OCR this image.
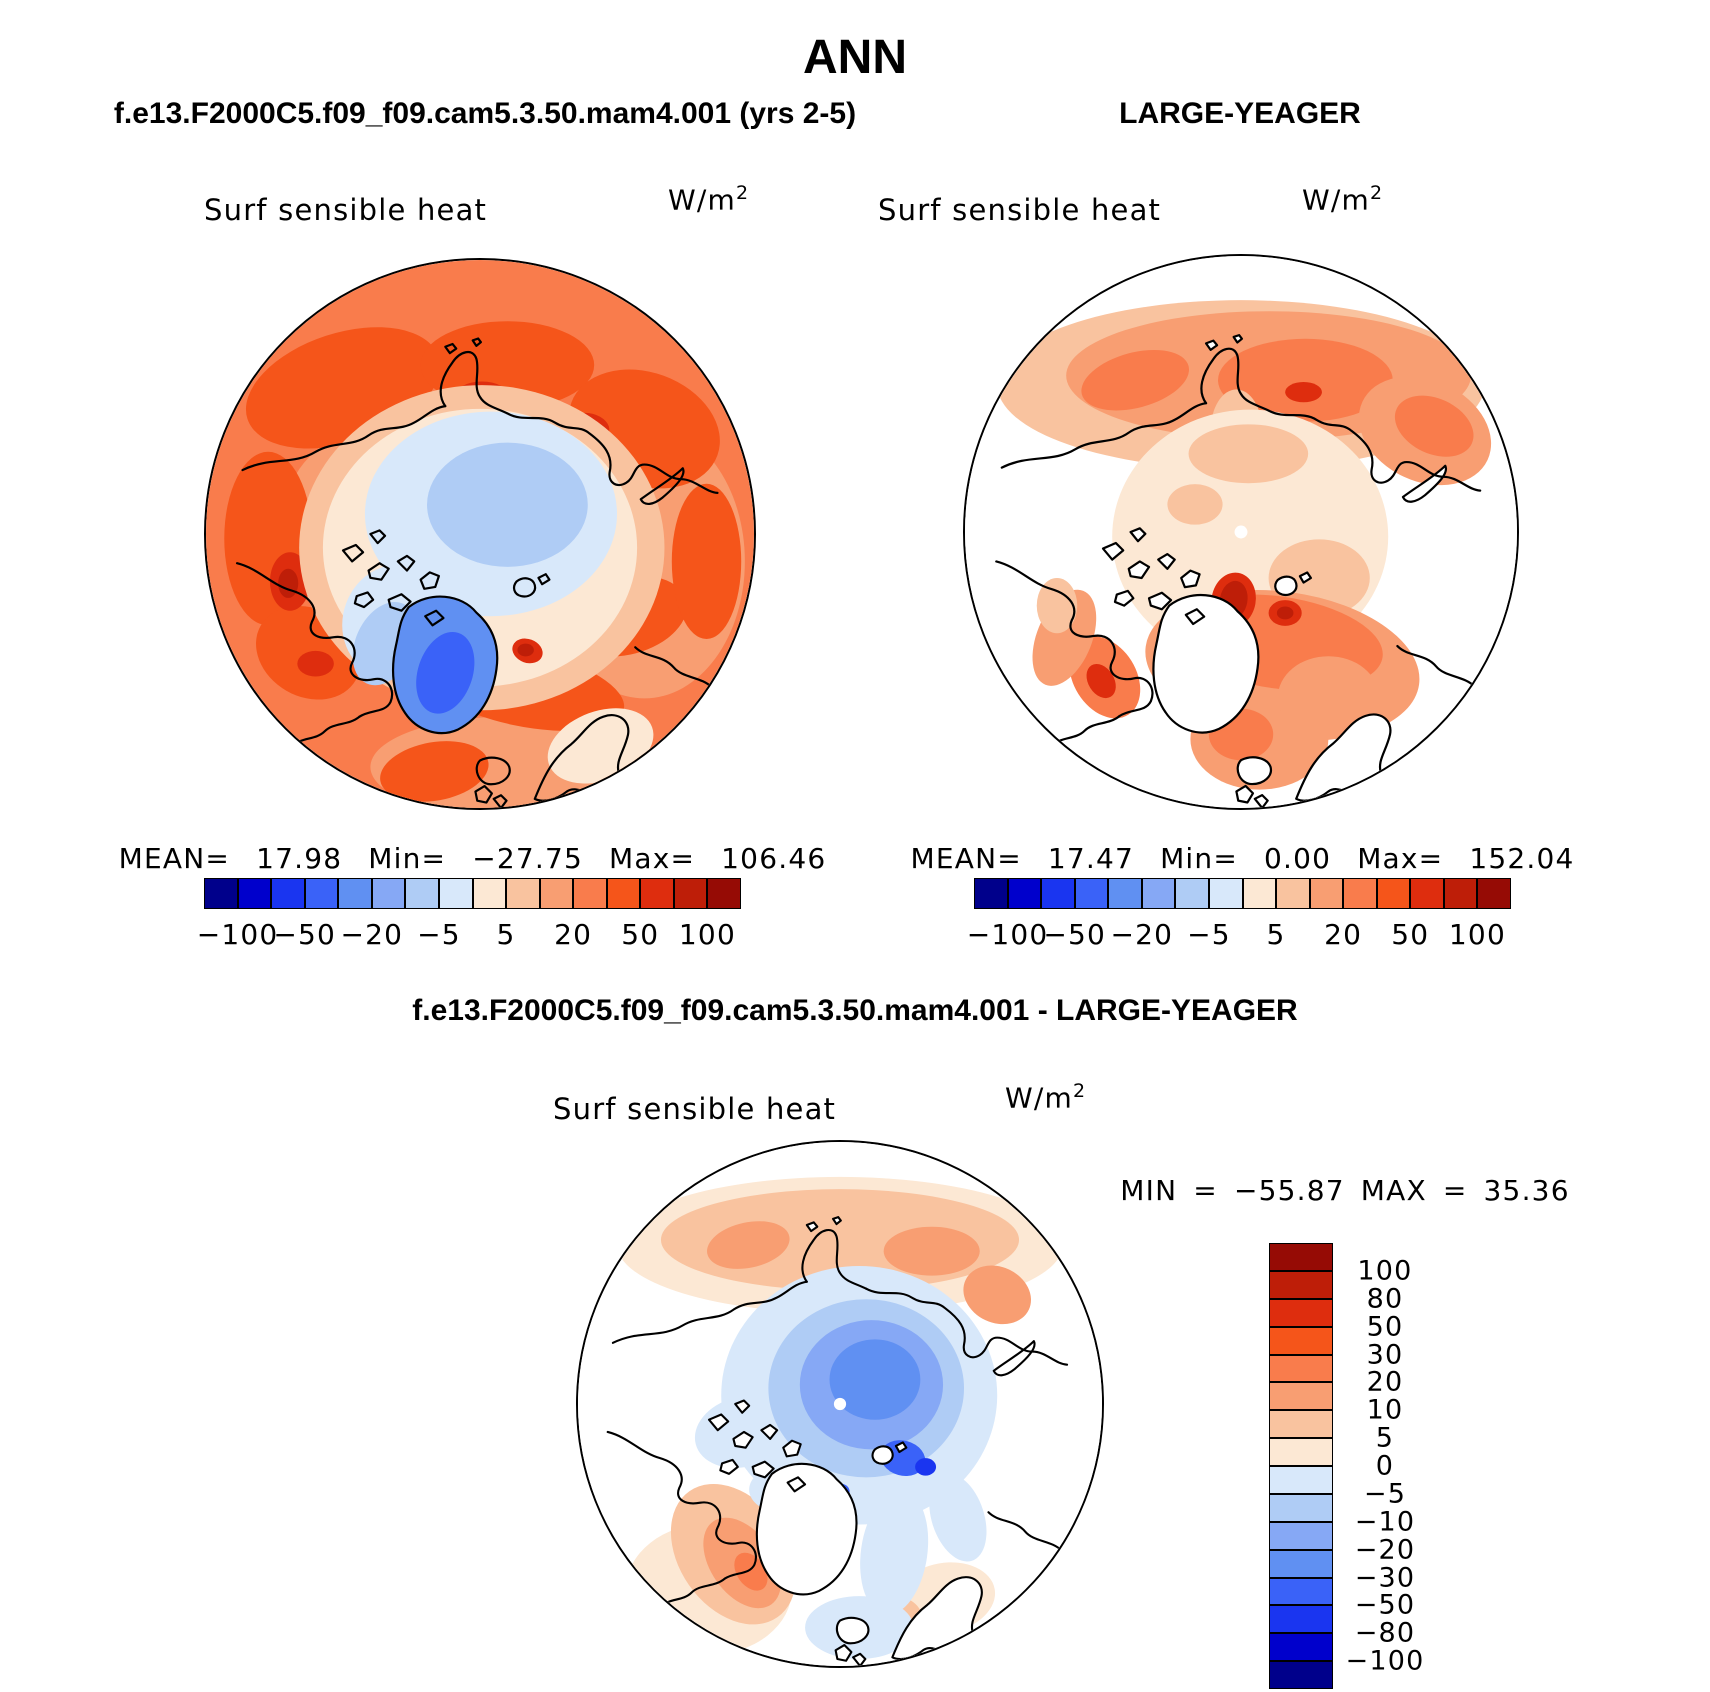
ANN
f.e13.F2000C5.f09_f09.cam5.3.50.mam4.001 (yrs 2-5)	LARGE-YEAGER
Surf sensible heat	$W/m^2$	Surf sensible heat	$W/m^2$
MEAN= 17.98 Min= −27.75 Max= 106.46	MEAN= 17.47 Min= 0.00 Max= 152.04
−100
−50 −20 −5 5 20 50 100	−100
−50 −20 −5 5 20 50 100
f.e13.F2000C5.f09_f09.cam5.3.50.mam4.001 - LARGE-YEAGER
Surf sensible heat	$W/m^2$
MIN = −55.87 MAX = 35.36
100
80
50
30
20
10
5
0
−5
−10
−20
−30
−50
−80
−100
